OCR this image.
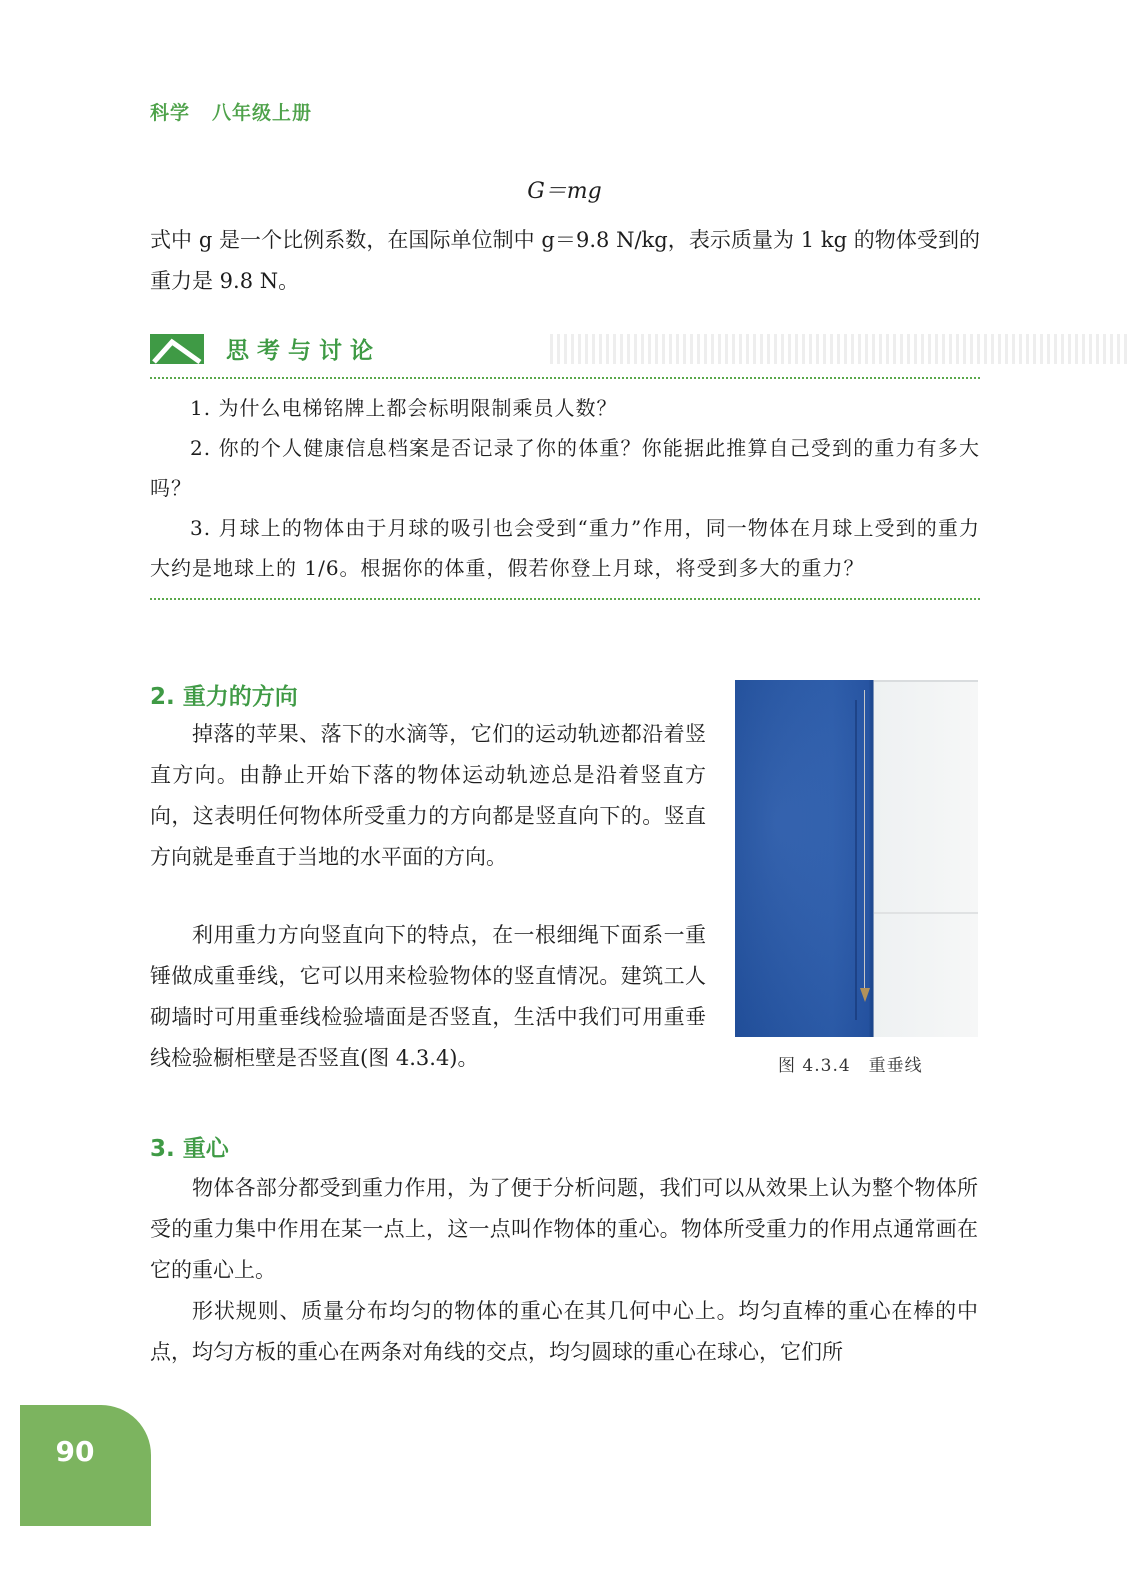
科学 八年级上册
G＝mg

式中 g 是一个比例系数，在国际单位制中 g＝9.8 N/kg，表示质量为 1 kg 的物体受到的重力是 9.8 N。

思考与讨论

1. 为什么电梯铭牌上都会标明限制乘员人数？

2. 你的个人健康信息档案是否记录了你的体重？你能据此推算自己受到的重力有多大吗？

3. 月球上的物体由于月球的吸引也会受到“重力”作用，同一物体在月球上受到的重力大约是地球上的 1/6。根据你的体重，假若你登上月球，将受到多大的重力？

2. 重力的方向

掉落的苹果、落下的水滴等，它们的运动轨迹都沿着竖直方向。由静止开始下落的物体运动轨迹总是沿着竖直方向，这表明任何物体所受重力的方向都是竖直向下的。竖直方向就是垂直于当地的水平面的方向。

利用重力方向竖直向下的特点，在一根细绳下面系一重锤做成重垂线，它可以用来检验物体的竖直情况。建筑工人砌墙时可用重垂线检验墙面是否竖直，生活中我们可用重垂线检验橱柜壁是否竖直(图 4.3.4)。	图 4.3.4　重垂线
3. 重心

物体各部分都受到重力作用，为了便于分析问题，我们可以从效果上认为整个物体所受的重力集中作用在某一点上，这一点叫作物体的重心。物体所受重力的作用点通常画在它的重心上。

形状规则、质量分布均匀的物体的重心在其几何中心上。均匀直棒的重心在棒的中点，均匀方板的重心在两条对角线的交点，均匀圆球的重心在球心，它们所

90
